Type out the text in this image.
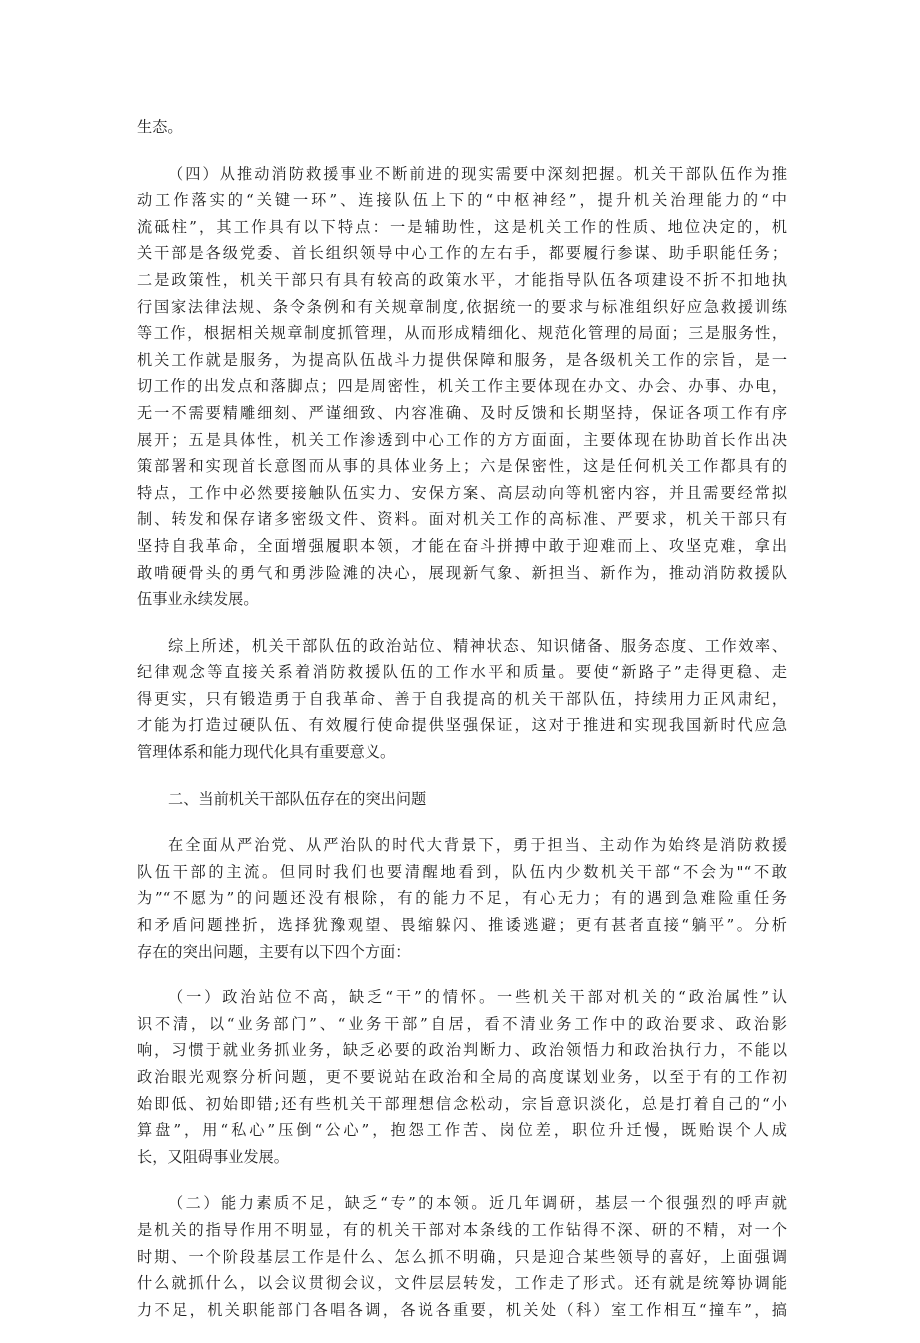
生态。
（四）从推动消防救援事业不断前进的现实需要中深刻把握。机关干部队伍作为推
动工作落实的“关键一环”、连接队伍上下的“中枢神经”，提升机关治理能力的“中
流砥柱”，其工作具有以下特点：一是辅助性，这是机关工作的性质、地位决定的，机
关干部是各级党委、首长组织领导中心工作的左右手，都要履行参谋、助手职能任务；
二是政策性，机关干部只有具有较高的政策水平，才能指导队伍各项建设不折不扣地执
行国家法律法规、条令条例和有关规章制度,依据统一的要求与标准组织好应急救援训练
等工作，根据相关规章制度抓管理，从而形成精细化、规范化管理的局面；三是服务性，
机关工作就是服务，为提高队伍战斗力提供保障和服务，是各级机关工作的宗旨，是一
切工作的出发点和落脚点；四是周密性，机关工作主要体现在办文、办会、办事、办电，
无一不需要精雕细刻、严谨细致、内容准确、及时反馈和长期坚持，保证各项工作有序
展开；五是具体性，机关工作渗透到中心工作的方方面面，主要体现在协助首长作出决
策部署和实现首长意图而从事的具体业务上；六是保密性，这是任何机关工作都具有的
特点，工作中必然要接触队伍实力、安保方案、高层动向等机密内容，并且需要经常拟
制、转发和保存诸多密级文件、资料。面对机关工作的高标准、严要求，机关干部只有
坚持自我革命，全面增强履职本领，才能在奋斗拼搏中敢于迎难而上、攻坚克难，拿出
敢啃硬骨头的勇气和勇涉险滩的决心，展现新气象、新担当、新作为，推动消防救援队
伍事业永续发展。
综上所述，机关干部队伍的政治站位、精神状态、知识储备、服务态度、工作效率、
纪律观念等直接关系着消防救援队伍的工作水平和质量。要使“新路子”走得更稳、走
得更实，只有锻造勇于自我革命、善于自我提高的机关干部队伍，持续用力正风肃纪，
才能为打造过硬队伍、有效履行使命提供坚强保证，这对于推进和实现我国新时代应急
管理体系和能力现代化具有重要意义。
二、当前机关干部队伍存在的突出问题
在全面从严治党、从严治队的时代大背景下，勇于担当、主动作为始终是消防救援
队伍干部的主流。但同时我们也要清醒地看到，队伍内少数机关干部“不会为"“不敢
为”“不愿为”的问题还没有根除，有的能力不足，有心无力；有的遇到急难险重任务
和矛盾问题挫折，选择犹豫观望、畏缩躲闪、推诿逃避；更有甚者直接“躺平”。分析
存在的突出问题，主要有以下四个方面：
（一）政治站位不高，缺乏“干”的情怀。一些机关干部对机关的“政治属性”认
识不清，以“业务部门”、“业务干部”自居，看不清业务工作中的政治要求、政治影
响，习惯于就业务抓业务，缺乏必要的政治判断力、政治领悟力和政治执行力，不能以
政治眼光观察分析问题，更不要说站在政治和全局的高度谋划业务，以至于有的工作初
始即低、初始即错;还有些机关干部理想信念松动，宗旨意识淡化，总是打着自己的“小
算盘”，用“私心”压倒“公心”，抱怨工作苦、岗位差，职位升迁慢，既贻误个人成
长，又阻碍事业发展。
（二）能力素质不足，缺乏“专”的本领。近几年调研，基层一个很强烈的呼声就
是机关的指导作用不明显，有的机关干部对本条线的工作钻得不深、研的不精，对一个
时期、一个阶段基层工作是什么、怎么抓不明确，只是迎合某些领导的喜好，上面强调
什么就抓什么，以会议贯彻会议，文件层层转发，工作走了形式。还有就是统筹协调能
力不足，机关职能部门各唱各调，各说各重要，机关处（科）室工作相互“撞车”，搞
